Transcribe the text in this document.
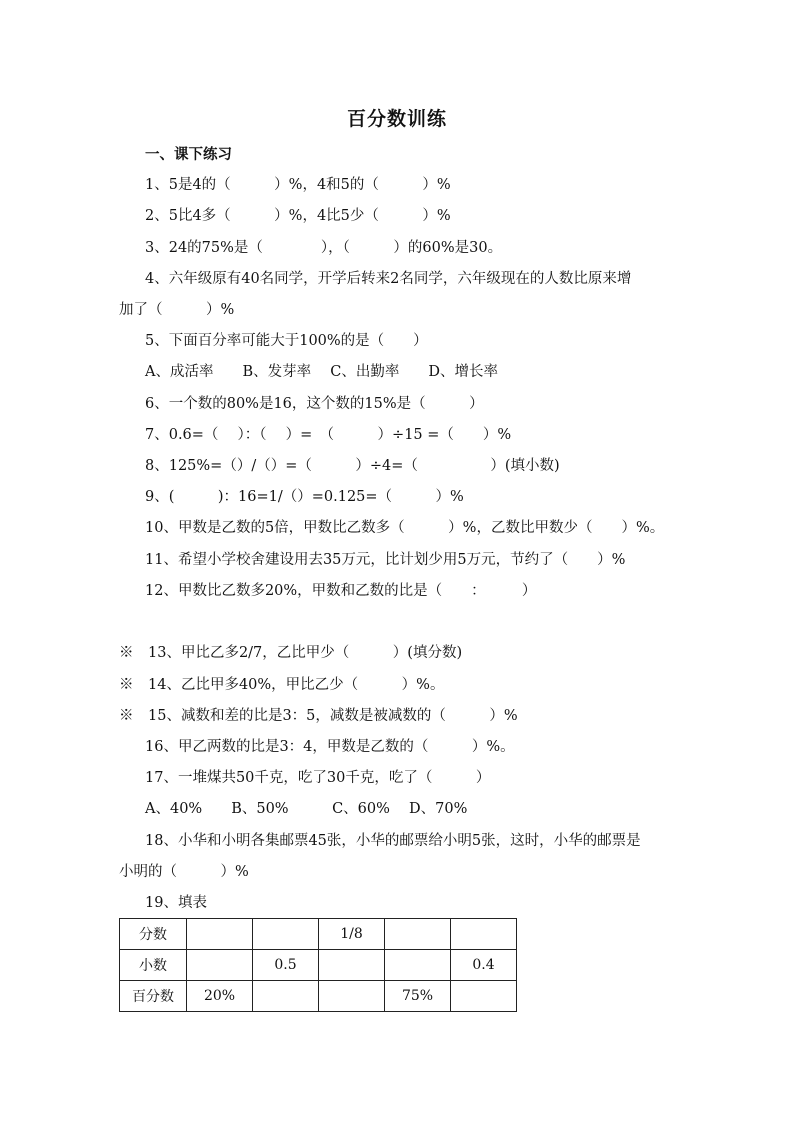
百分数训练
一、课下练习
1、5是4的（　　　）%，4和5的（　　　）%
2、5比4多（　　　）%，4比5少（　　　）%
3、24的75%是（　　　　），（　　　）的60%是30。
4、六年级原有40名同学，开学后转来2名同学，六年级现在的人数比原来增
加了（　　　）%
5、下面百分率可能大于100%的是（　　）
A、成活率　　B、发芽率　 C、出勤率　　D、增长率
6、一个数的80%是16，这个数的15%是（　　　）
7、0.6=（　 ）：（　 ）=　（　　　）÷15 =（　　）%
8、125%=（）/（）=（　　　）÷4=（　　　　　）(填小数)
9、(　　　)：16=1/（）=0.125=（　　　）%
10、甲数是乙数的5倍，甲数比乙数多（　　　）%，乙数比甲数少（　　）%。
11、希望小学校舍建设用去35万元，比计划少用5万元，节约了（　　）%
12、甲数比乙数多20%，甲数和乙数的比是（　　：　　　）
※　13、甲比乙多2/7，乙比甲少（　　　）(填分数)
※　14、乙比甲多40%，甲比乙少（　　　）%。
※　15、减数和差的比是3：5，减数是被减数的（　　　）%
16、甲乙两数的比是3：4，甲数是乙数的（　　　）%。
17、一堆煤共50千克，吃了30千克，吃了（　　　）
A、40%　　B、50%　　　C、60%　 D、70%
18、小华和小明各集邮票45张，小华的邮票给小明5张，这时，小华的邮票是
小明的（　　　）%
19、填表
分数			1/8		
小数		0.5			0.4
百分数	20%			75%	
